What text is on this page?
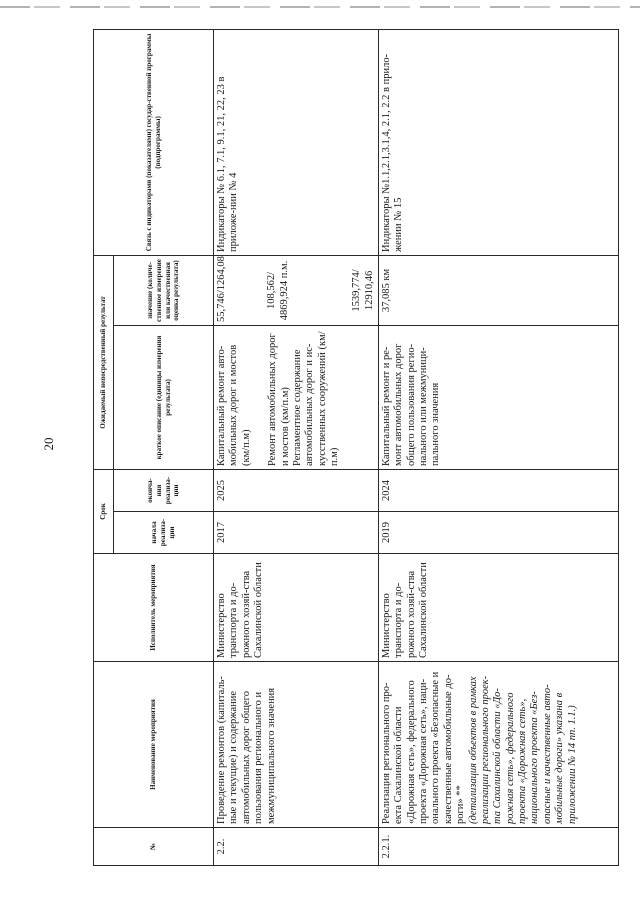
20
№	Наименование мероприятия	Исполнитель мероприятия	Срок		Ожидаемый непосредственный результат		Связь с индикаторами (показателями) государ-ственной программы (подпрограммы)
			начала реализа-ции	оконча-ния реализа-ции	краткое описание (единицы измерения результата)	значение (количе-ственное измерение или качественная оценка результата)	
2.2.	Проведение ремонтов (капиталь-ные и текущие) и содержание автомобильных дорог общего пользования регионального и межмуниципального значения	Министерство транспорта и до-рожного хозяй-ства Сахалинской области	2017	2025	Капитальный ремонт авто-мобильных дорог и мостов (км/п.м) Ремонт автомобильных дорог и мостов (км/п.м)
Регламентное содержание автомобильных дорог и ис-кусственных сооружений (км/п.м)	55,746/1264,08 108,562/ 4869,924 п.м. 1539,774/ 12910,46	Индикаторы № 6.1, 7.1, 9.1, 21, 22, 23 в приложе-нии № 4
2.2.1.	Реализация регионального про-екта Сахалинской области «Дорожная сеть», федерального проекта «Дорожная сеть», наци-онального проекта «Безопасные и качественные автомобильные до-роги» **
(детализация объектов в рамках реализации регионального проек-та Сахалинской области «До-рожная сеть», федерального проекта «Дорожная сеть», национального проекта «Без-опасные и качественные авто-мобильные дороги» указана в приложении № 14 пп. 1.1.)	Министерство транспорта и до-рожного хозяй-ства Сахалинской области	2019	2024	Капитальный ремонт и ре-монт автомобильных дорог общего пользования регио-нального или межмуници-пального значения	37,085 км	Индикаторы №1.1,2.1,3.1,4, 2.1, 2.2 в прило-жении № 15
